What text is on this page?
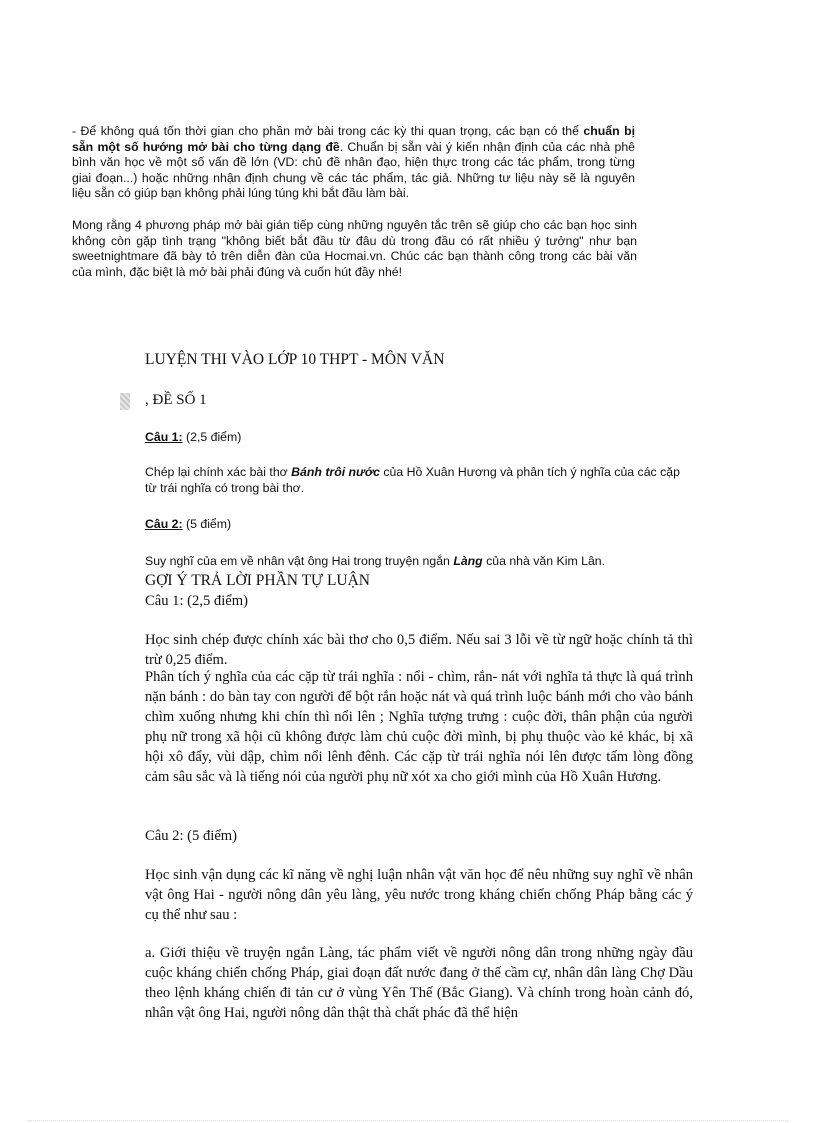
- Để không quá tốn thời gian cho phần mở bài trong các kỳ thi quan trọng, các bạn có thể chuẩn bị sẵn một số hướng mở bài cho từng dạng đề. Chuẩn bị sẵn vài ý kiến nhận định của các nhà phê bình văn học về một số vấn đề lớn (VD: chủ đề nhân đạo, hiện thực trong các tác phẩm, trong từng giai đoạn...) hoặc những nhận định chung về các tác phẩm, tác giả. Những tư liệu này sẽ là nguyên liệu sẵn có giúp bạn không phải lúng túng khi bắt đầu làm bài.
Mong rằng 4 phương pháp mở bài gián tiếp cùng những nguyên tắc trên sẽ giúp cho các bạn học sinh không còn gặp tình trạng "không biết bắt đầu từ đâu dù trong đầu có rất nhiều ý tưởng" như bạn sweetnightmare đã bày tỏ trên diễn đàn của Hocmai.vn. Chúc các bạn thành công trong các bài văn của mình, đặc biệt là mở bài phải đúng và cuốn hút đầy nhé!
LUYỆN THI VÀO LỚP 10 THPT - MÔN VĂN
, ĐỀ SỐ 1
Câu 1: (2,5 điểm)
Chép lại chính xác bài thơ Bánh trôi nước của Hồ Xuân Hương và phân tích ý nghĩa của các cặp từ trái nghĩa có trong bài thơ.
Câu 2: (5 điểm)
Suy nghĩ của em về nhân vật ông Hai trong truyện ngắn Làng của nhà văn Kim Lân.
GỢI Ý TRẢ LỜI PHẦN TỰ LUẬN
Câu 1: (2,5 điểm)
Học sinh chép được chính xác bài thơ cho 0,5 điểm. Nếu sai 3 lỗi về từ ngữ hoặc chính tả thì trừ 0,25 điểm.
Phân tích ý nghĩa của các cặp từ trái nghĩa : nổi - chìm, rắn- nát với nghĩa tả thực là quá trình nặn bánh : do bàn tay con người để bột rắn hoặc nát và quá trình luộc bánh mới cho vào bánh chìm xuống nhưng khi chín thì nổi lên ; Nghĩa tượng trưng : cuộc đời, thân phận của người phụ nữ trong xã hội cũ không được làm chủ cuộc đời mình, bị phụ thuộc vào kẻ khác, bị xã hội xô đẩy, vùi dập, chìm nổi lênh đênh. Các cặp từ trái nghĩa nói lên được tấm lòng đồng cảm sâu sắc và là tiếng nói của người phụ nữ xót xa cho giới mình của Hồ Xuân Hương.
Câu 2: (5 điểm)
Học sinh vận dụng các kĩ năng về nghị luận nhân vật văn học để nêu những suy nghĩ về nhân vật ông Hai - người nông dân yêu làng, yêu nước trong kháng chiến chống Pháp bằng các ý cụ thể như sau :
a. Giới thiệu về truyện ngắn Làng, tác phẩm viết về người nông dân trong những ngày đầu cuộc kháng chiến chống Pháp, giai đoạn đất nước đang ở thế cầm cự, nhân dân làng Chợ Dầu theo lệnh kháng chiến đi tản cư ở vùng Yên Thế (Bắc Giang). Và chính trong hoàn cảnh đó, nhân vật ông Hai, người nông dân thật thà chất phác đã thể hiện
